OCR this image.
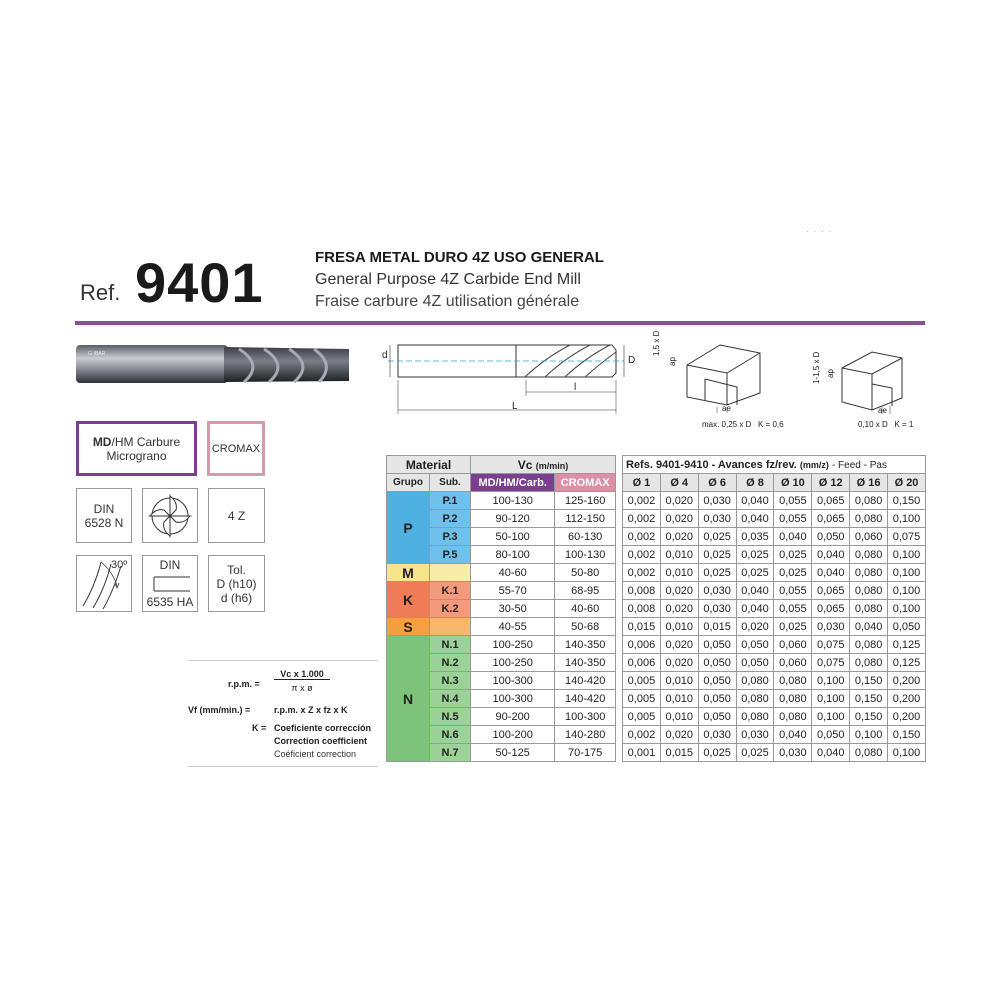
· · · ·
Ref. 9401	FRESA METAL DURO 4Z USO GENERAL
General Purpose 4Z Carbide End Mill
Fraise carbure 4Z utilisation générale
G·IBAR	d	D
l
L
1,5 x D
ap
ae
max. 0,25 x D   K = 0,6
1-1,5 x D ap
ae
0,10 x D   K = 1
MD/HM Carbure
Micrograno	CROMAX
DIN
6528 N	4 Z
30º	DIN
6535 HA
Tol.
D (h10)
d (h6)
r.p.m. =
Vc x 1.000
π x ø
Vf (mm/min.) =	r.p.m. x Z x fz x K
K = Coeficiente corrección
Correction coefficient
Coéficient correction
Material		Vc (m/min)	
Grupo	Sub.	MD/HM/Carb.	CROMAX
P	P.1	100-130	125-160
	P.2	90-120	112-150
	P.3	50-100	60-130
	P.5	80-100	100-130
M		40-60	50-80
K	K.1	55-70	68-95
	K.2	30-50	40-60
S		40-55	50-68
N	N.1	100-250	140-350
	N.2	100-250	140-350
	N.3	100-300	140-420
	N.4	100-300	140-420
	N.5	90-200	100-300
	N.6	100-200	140-280
	N.7	50-125	70-175
Refs. 9401-9410 - Avances fz/rev. (mm/z) - Feed - Pas							
Ø 1	Ø 4	Ø 6	Ø 8	Ø 10	Ø 12	Ø 16	Ø 20
0,002	0,020	0,030	0,040	0,055	0,065	0,080	0,150
0,002	0,020	0,030	0,040	0,055	0,065	0,080	0,100
0,002	0,020	0,025	0,035	0,040	0,050	0,060	0,075
0,002	0,010	0,025	0,025	0,025	0,040	0,080	0,100
0,002	0,010	0,025	0,025	0,025	0,040	0,080	0,100
0,008	0,020	0,030	0,040	0,055	0,065	0,080	0,100
0,008	0,020	0,030	0,040	0,055	0,065	0,080	0,100
0,015	0,010	0,015	0,020	0,025	0,030	0,040	0,050
0,006	0,020	0,050	0,050	0,060	0,075	0,080	0,125
0,006	0,020	0,050	0,050	0,060	0,075	0,080	0,125
0,005	0,010	0,050	0,080	0,080	0,100	0,150	0,200
0,005	0,010	0,050	0,080	0,080	0,100	0,150	0,200
0,005	0,010	0,050	0,080	0,080	0,100	0,150	0,200
0,002	0,020	0,030	0,030	0,040	0,050	0,100	0,150
0,001	0,015	0,025	0,025	0,030	0,040	0,080	0,100
